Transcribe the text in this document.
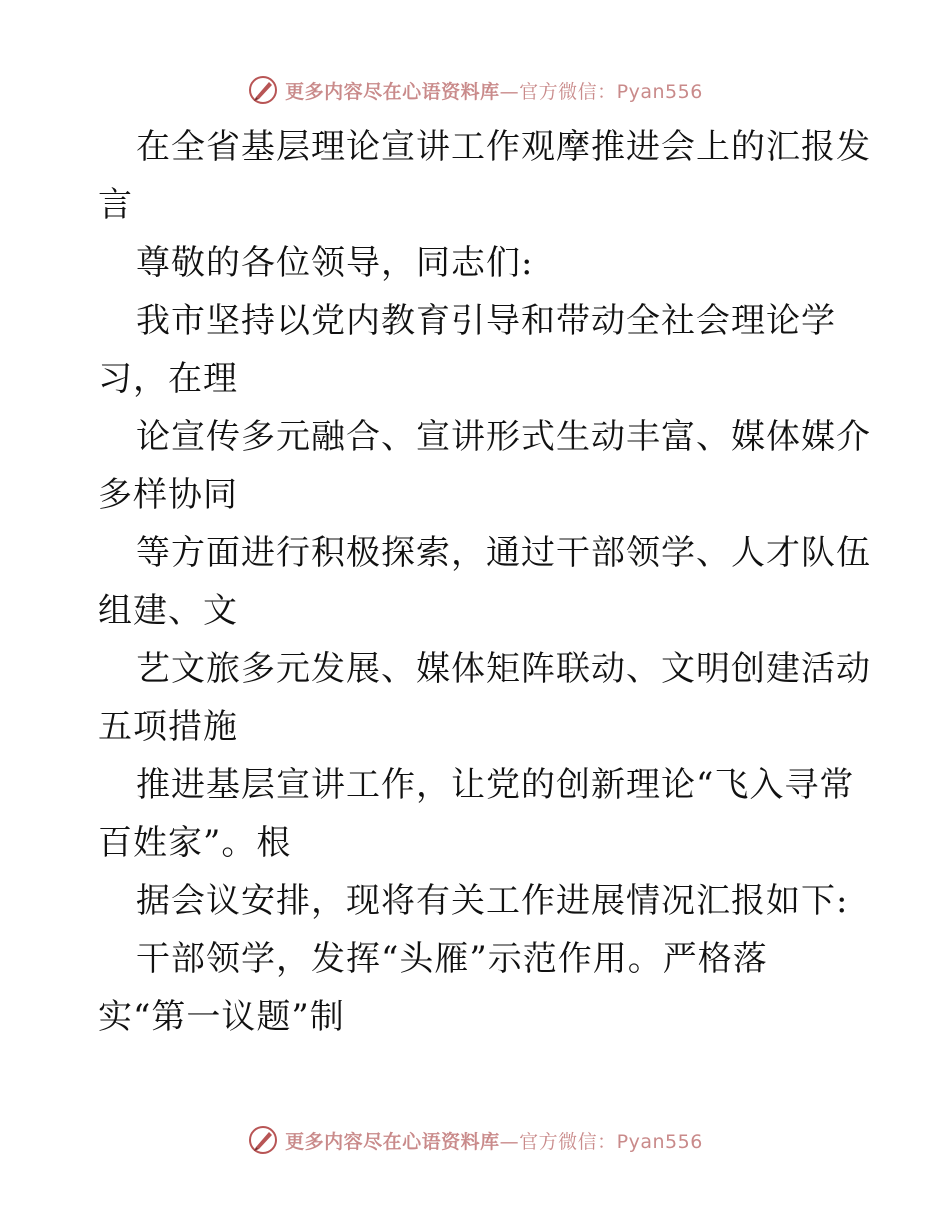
更多内容尽在心语资料库—官方微信：Pyan556
在全省基层理论宣讲工作观摩推进会上的汇报发
言
尊敬的各位领导，同志们:
我市坚持以党内教育引导和带动全社会理论学
习，在理
论宣传多元融合、宣讲形式生动丰富、媒体媒介
多样协同
等方面进行积极探索，通过干部领学、人才队伍
组建、文
艺文旅多元发展、媒体矩阵联动、文明创建活动
五项措施
推进基层宣讲工作，让党的创新理论“飞入寻常
百姓家”。根
据会议安排，现将有关工作进展情况汇报如下:
干部领学，发挥“头雁”示范作用。严格落
实“第一议题”制
更多内容尽在心语资料库—官方微信：Pyan556
